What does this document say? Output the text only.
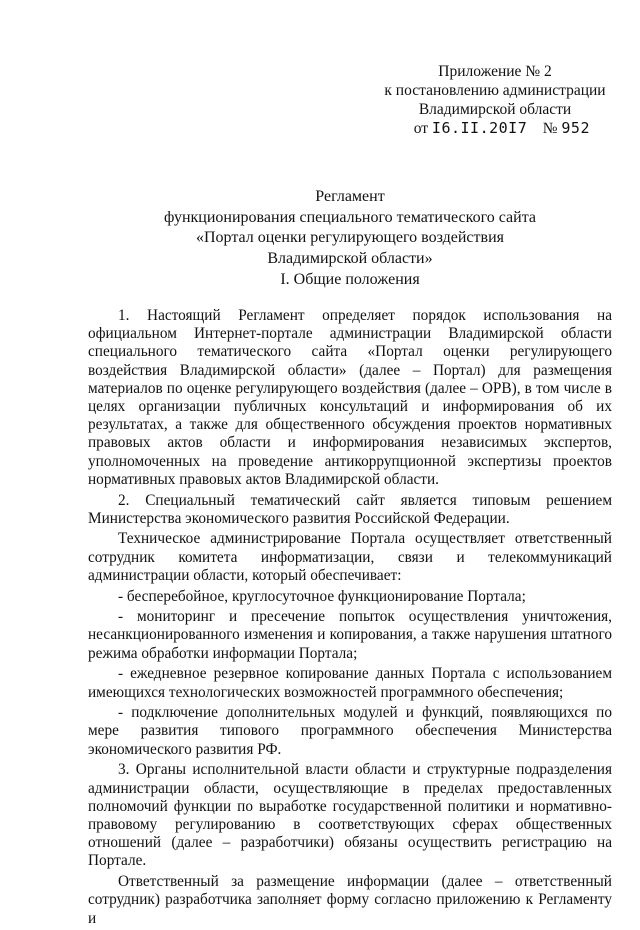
Приложение № 2
к постановлению администрации
Владимирской области
от I6.II.20I7 № 952
Регламент
функционирования специального тематического сайта
«Портал оценки регулирующего воздействия
Владимирской области»
I. Общие положения

1. Настоящий Регламент определяет порядок использования на официальном Интернет-портале администрации Владимирской области специального тематического сайта «Портал оценки регулирующего воздействия Владимирской области» (далее – Портал) для размещения материалов по оценке регулирующего воздействия (далее – ОРВ), в том числе в целях организации публичных консультаций и информирования об их результатах, а также для общественного обсуждения проектов нормативных правовых актов области и информирования независимых экспертов, уполномоченных на проведение антикоррупционной экспертизы проектов нормативных правовых актов Владимирской области.

2. Специальный тематический сайт является типовым решением Министерства экономического развития Российской Федерации.

Техническое администрирование Портала осуществляет ответственный сотрудник комитета информатизации, связи и телекоммуникаций администрации области, который обеспечивает:

- бесперебойное, круглосуточное функционирование Портала;

- мониторинг и пресечение попыток осуществления уничтожения, несанкционированного изменения и копирования, а также нарушения штатного режима обработки информации Портала;

- ежедневное резервное копирование данных Портала с использованием имеющихся технологических возможностей программного обеспечения;

- подключение дополнительных модулей и функций, появляющихся по мере развития типового программного обеспечения Министерства экономического развития РФ.

3. Органы исполнительной власти области и структурные подразделения администрации области, осуществляющие в пределах предоставленных полномочий функции по выработке государственной политики и нормативно-правовому регулированию в соответствующих сферах общественных отношений (далее – разработчики) обязаны осуществить регистрацию на Портале.

Ответственный за размещение информации (далее – ответственный сотрудник) разработчика заполняет форму согласно приложению к Регламенту и
